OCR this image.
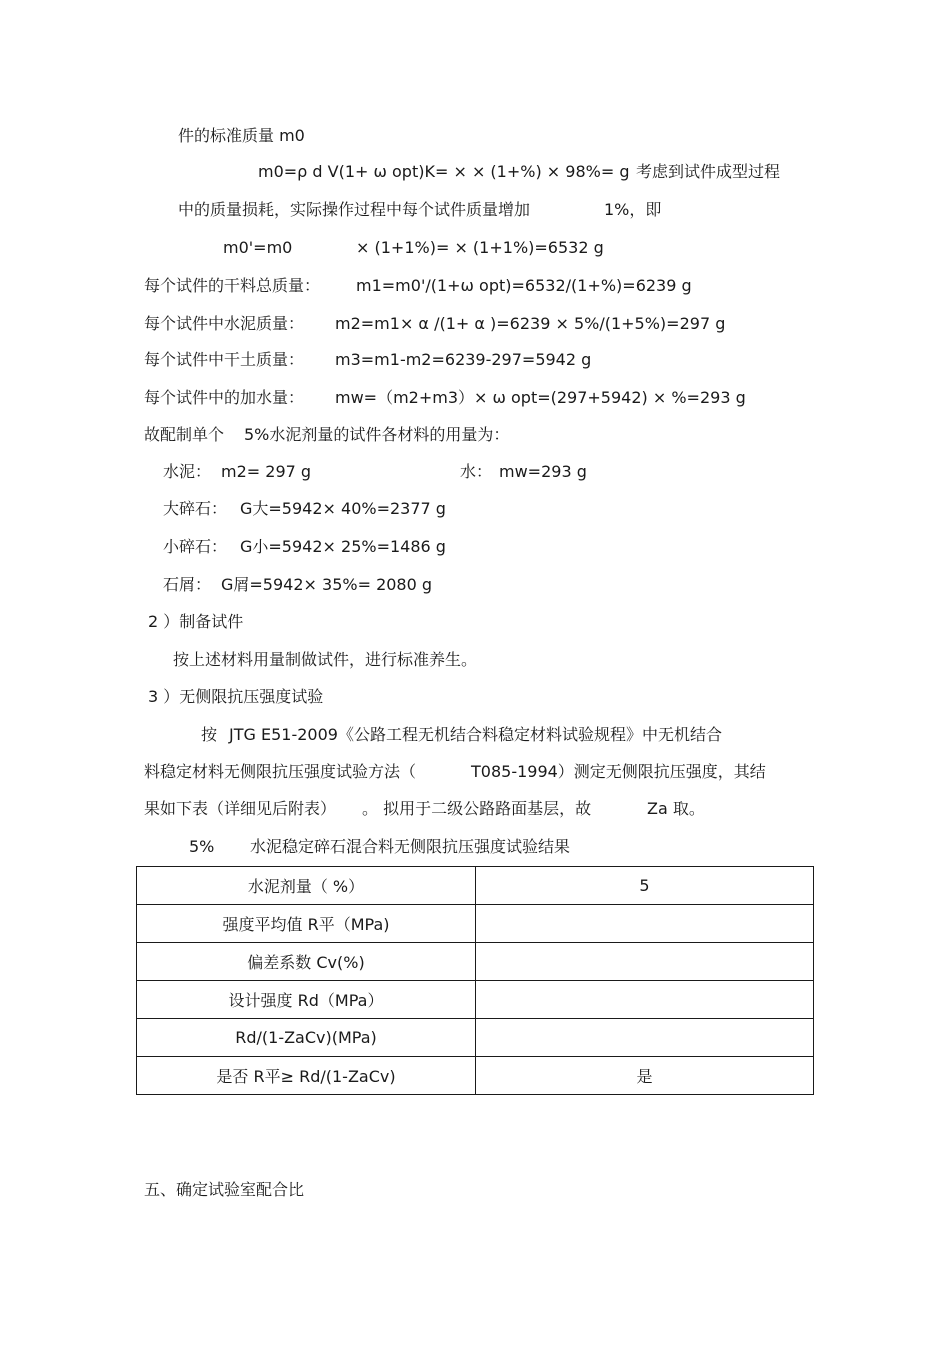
件的标准质量 m0
m0=ρ d V(1+ ω opt)K= × × (1+%) × 98%= g 考虑到试件成型过程
中的质量损耗，实际操作过程中每个试件质量增加	1%，即
m0'=m0	× (1+1%)= × (1+1%)=6532 g
每个试件的干料总质量： m1=m0'/(1+ω opt)=6532/(1+%)=6239 g
每个试件中水泥质量： m2=m1× α /(1+ α )=6239 × 5%/(1+5%)=297 g
每个试件中干土质量： m3=m1-m2=6239-297=5942 g
每个试件中的加水量： mw=（m2+m3）× ω opt=(297+5942) × %=293 g
故配制单个 5%水泥剂量的试件各材料的用量为：
水泥： m2= 297 g	水： mw=293 g
大碎石： G大=5942× 40%=2377 g
小碎石： G小=5942× 25%=1486 g
石屑： G屑=5942× 35%= 2080 g
2 ）制备试件
按上述材料用量制做试件，进行标准养生。
3 ）无侧限抗压强度试验
按 JTG E51-2009《公路工程无机结合料稳定材料试验规程》中无机结合
料稳定材料无侧限抗压强度试验方法（	T085-1994）测定无侧限抗压强度，其结
果如下表（详细见后附表） 。 拟用于二级公路路面基层，故	Za 取。
5% 水泥稳定碎石混合料无侧限抗压强度试验结果
水泥剂量（ %）	5
强度平均值 R平（MPa)	
偏差系数 Cv(%)	
设计强度 Rd（MPa）	
Rd/(1-ZaCv)(MPa)	
是否 R平≥ Rd/(1-ZaCv)	是
五、确定试验室配合比
